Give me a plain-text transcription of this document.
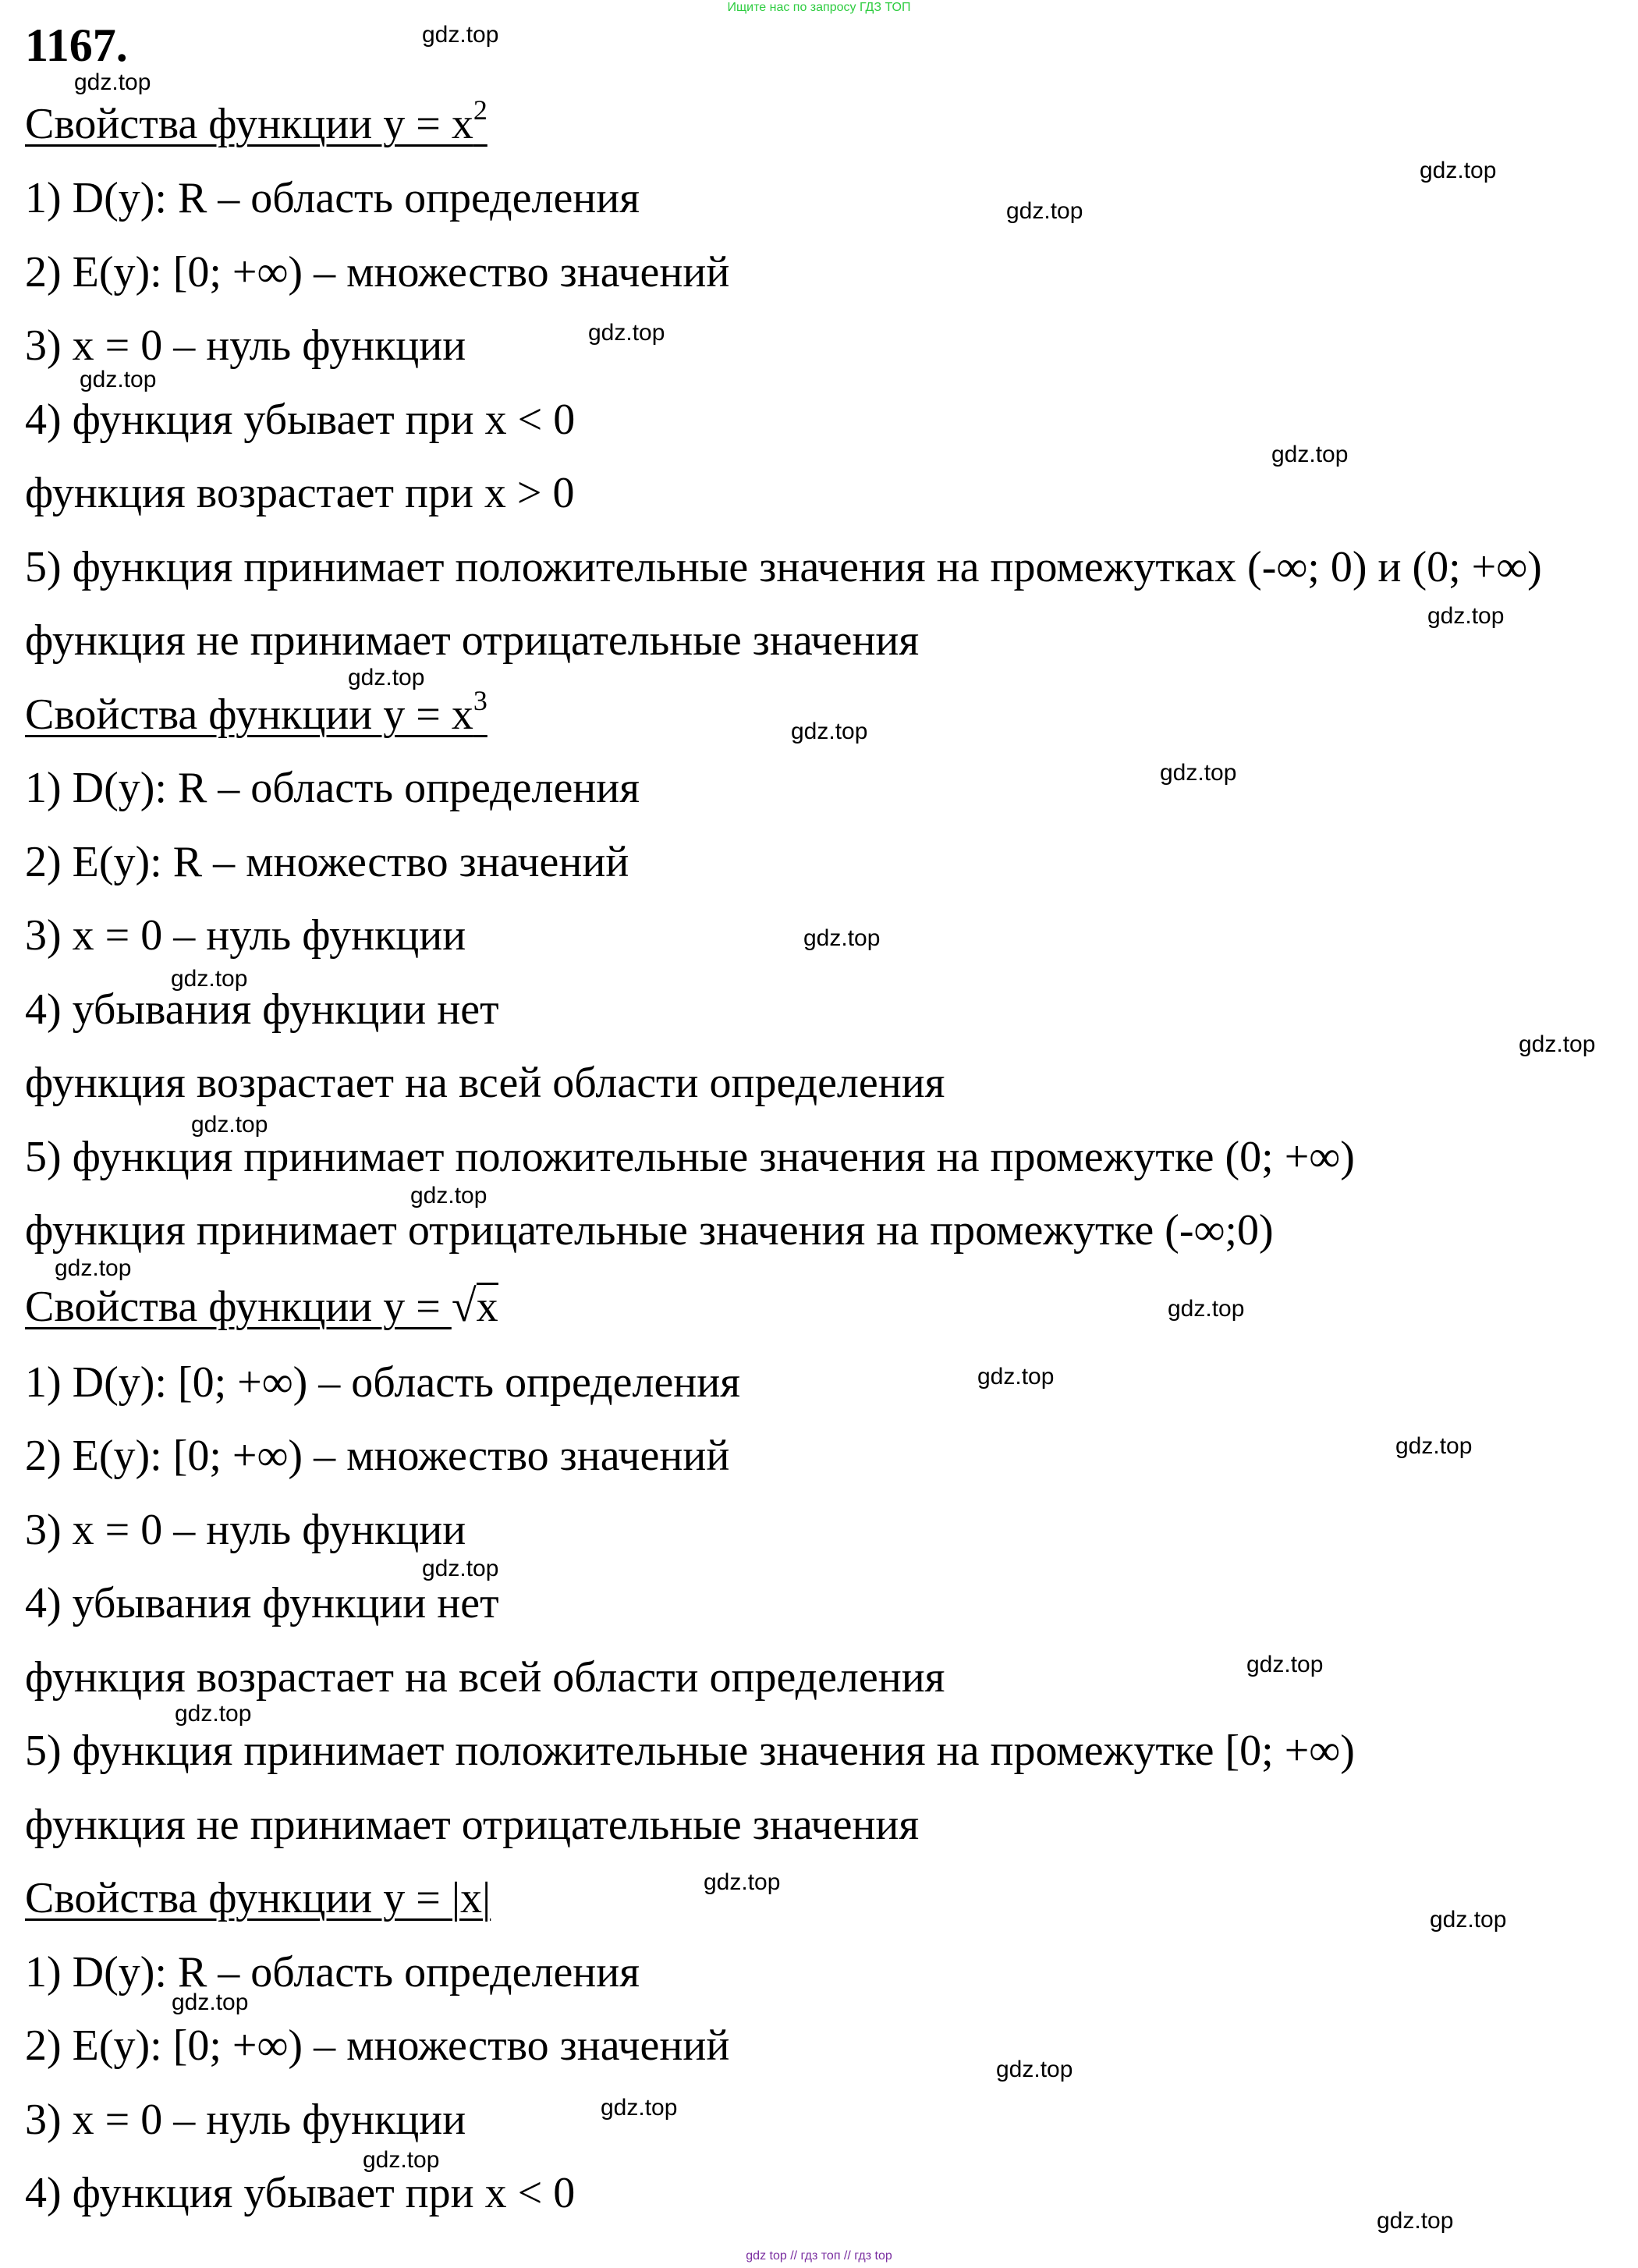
Ищите нас по запросу ГДЗ ТОП
1167.
Свойства функции $y = x^2$
1) D(y): R – область определения
2) E(y): [0; +∞) – множество значений
3) x = 0 – нуль функции
4) функция убывает при x < 0
функция возрастает при x > 0
5) функция принимает положительные значения на промежутках (-∞; 0) и (0; +∞)
функция не принимает отрицательные значения
Свойства функции $y = x^3$
1) D(y): R – область определения
2) E(y): R – множество значений
3) x = 0 – нуль функции
4) убывания функции нет
функция возрастает на всей области определения
5) функция принимает положительные значения на промежутке (0; +∞)
функция принимает отрицательные значения на промежутке (-∞;0)
Свойства функции y = √x
1) D(y): [0; +∞) – область определения
2) E(y): [0; +∞) – множество значений
3) x = 0 – нуль функции
4) убывания функции нет
функция возрастает на всей области определения
5) функция принимает положительные значения на промежутке [0; +∞)
функция не принимает отрицательные значения
Свойства функции y = |x|
1) D(y): R – область определения
2) E(y): [0; +∞) – множество значений
3) x = 0 – нуль функции
4) функция убывает при x < 0
gdz.top
gdz.top
gdz.top
gdz.top
gdz.top
gdz.top
gdz.top
gdz.top
gdz.top
gdz.top
gdz.top
gdz.top
gdz.top
gdz.top
gdz.top
gdz.top
gdz.top
gdz.top
gdz.top
gdz.top
gdz.top
gdz.top
gdz.top
gdz.top
gdz.top
gdz.top
gdz.top
gdz.top
gdz.top
gdz.top
gdz top // гдз топ // гдз top
